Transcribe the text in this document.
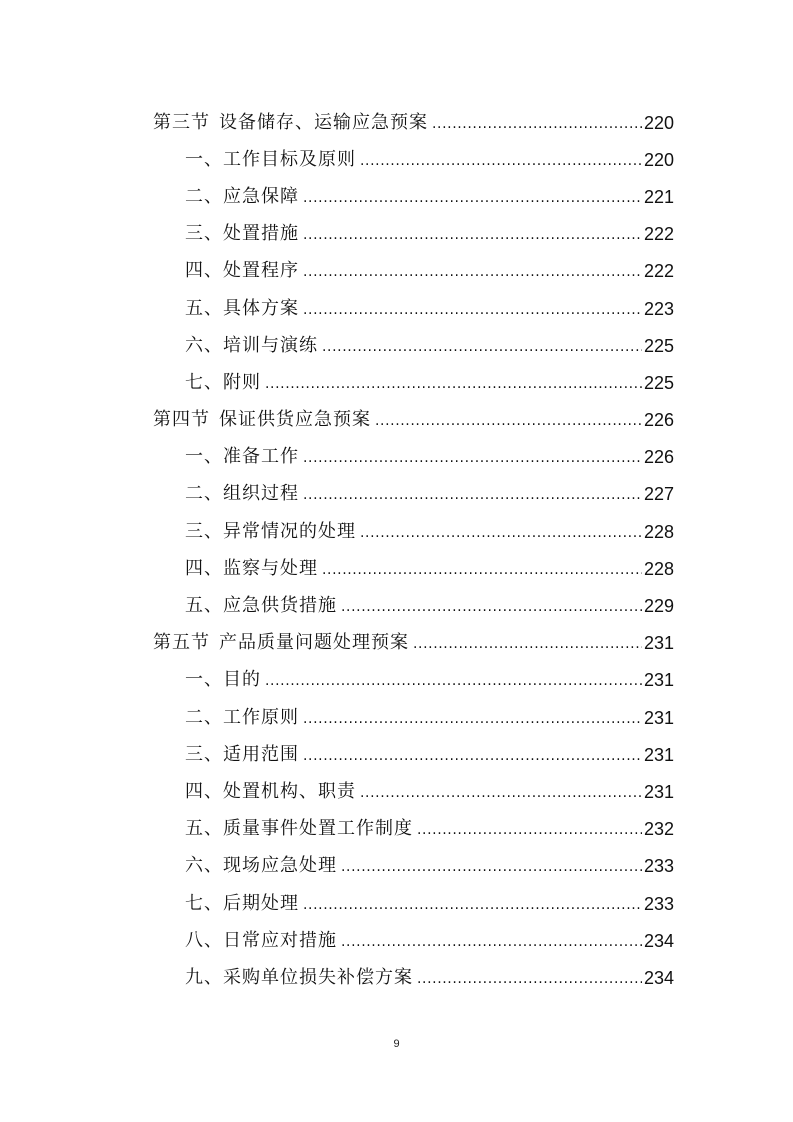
第三节 设备储存、运输应急预案 .....	220
一、工作目标及原则 .....	220
二、应急保障 .....	221
三、处置措施 .....	222
四、处置程序 .....	222
五、具体方案 .....	223
六、培训与演练 .....	225
七、附则 .....	225
第四节 保证供货应急预案 .....	226
一、准备工作 .....	226
二、组织过程 .....	227
三、异常情况的处理 .....	228
四、监察与处理 .....	228
五、应急供货措施 .....	229
第五节 产品质量问题处理预案 .....	231
一、目的 .....	231
二、工作原则 .....	231
三、适用范围 .....	231
四、处置机构、职责 .....	231
五、质量事件处置工作制度 .....	232
六、现场应急处理 .....	233
七、后期处理 .....	233
八、日常应对措施 .....	234
九、采购单位损失补偿方案 .....	234
9
